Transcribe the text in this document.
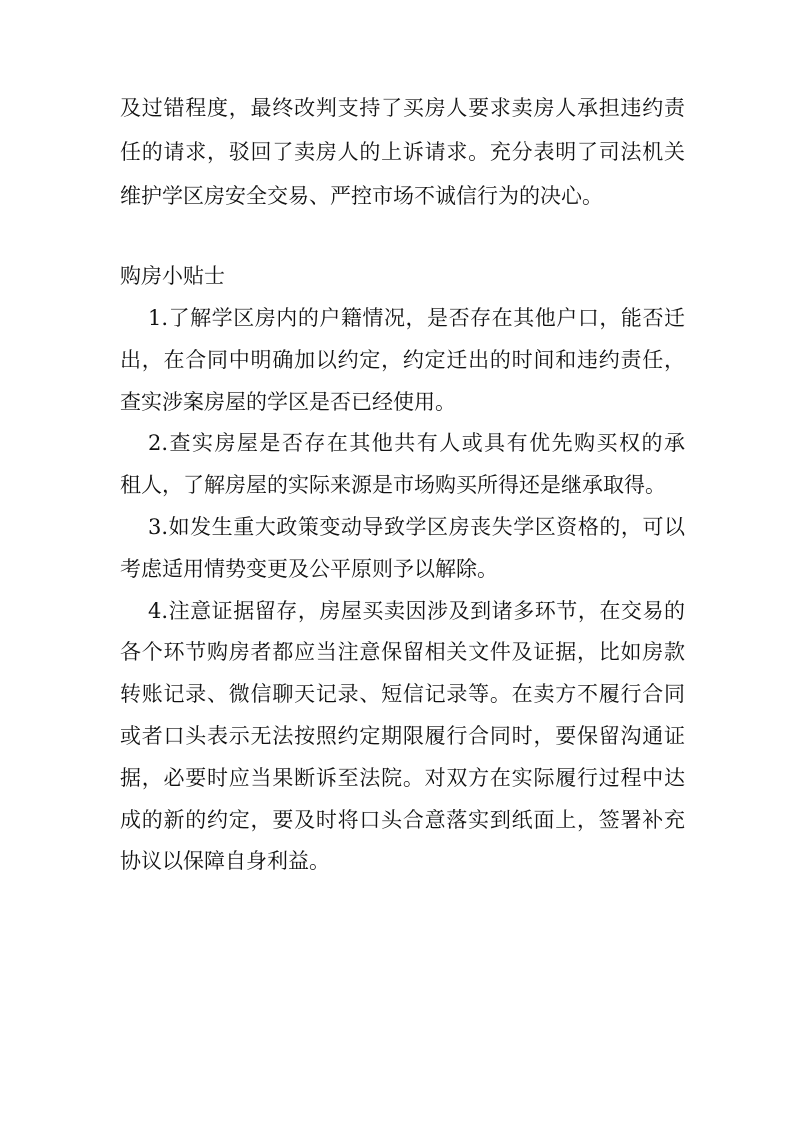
及过错程度，最终改判支持了买房人要求卖房人承担违约责
任的请求，驳回了卖房人的上诉请求。充分表明了司法机关
维护学区房安全交易、严控市场不诚信行为的决心。
购房小贴士
1.了解学区房内的户籍情况，是否存在其他户口，能否迁
出，在合同中明确加以约定，约定迁出的时间和违约责任，
查实涉案房屋的学区是否已经使用。
2.查实房屋是否存在其他共有人或具有优先购买权的承
租人，了解房屋的实际来源是市场购买所得还是继承取得。
3.如发生重大政策变动导致学区房丧失学区资格的，可以
考虑适用情势变更及公平原则予以解除。
4.注意证据留存，房屋买卖因涉及到诸多环节，在交易的
各个环节购房者都应当注意保留相关文件及证据，比如房款
转账记录、微信聊天记录、短信记录等。在卖方不履行合同
或者口头表示无法按照约定期限履行合同时，要保留沟通证
据，必要时应当果断诉至法院。对双方在实际履行过程中达
成的新的约定，要及时将口头合意落实到纸面上，签署补充
协议以保障自身利益。
